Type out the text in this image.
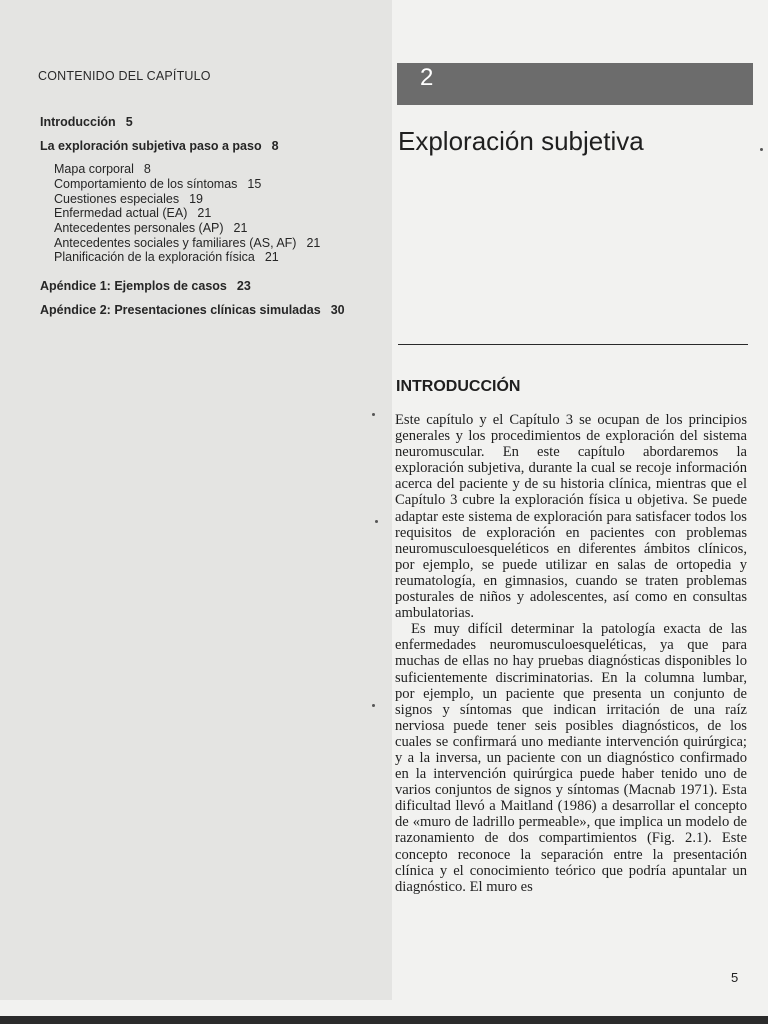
CONTENIDO DEL CAPÍTULO
Introducción 5
La exploración subjetiva paso a paso 8
Mapa corporal 8
Comportamiento de los síntomas 15
Cuestiones especiales 19
Enfermedad actual (EA) 21
Antecedentes personales (AP) 21
Antecedentes sociales y familiares (AS, AF) 21
Planificación de la exploración física 21
Apéndice 1: Ejemplos de casos 23
Apéndice 2: Presentaciones clínicas simuladas 30
2
Exploración subjetiva
INTRODUCCIÓN

Este capítulo y el Capítulo 3 se ocupan de los principios generales y los procedimientos de exploración del sistema neuromuscular. En este capítulo abordaremos la exploración subjetiva, durante la cual se recoje información acerca del paciente y de su historia clínica, mientras que el Capítulo 3 cubre la exploración física u objetiva. Se puede adaptar este sistema de exploración para satisfacer todos los requisitos de exploración en pacientes con problemas neuromusculoesqueléticos en diferentes ámbitos clínicos, por ejemplo, se puede utilizar en salas de ortopedia y reumatología, en gimnasios, cuando se traten problemas posturales de niños y adolescentes, así como en consultas ambulatorias.

Es muy difícil determinar la patología exacta de las enfermedades neuromusculoesqueléticas, ya que para muchas de ellas no hay pruebas diagnósticas disponibles lo suficientemente discriminatorias. En la columna lumbar, por ejemplo, un paciente que presenta un conjunto de signos y síntomas que indican irritación de una raíz nerviosa puede tener seis posibles diagnósticos, de los cuales se confirmará uno mediante intervención quirúrgica; y a la inversa, un paciente con un diagnóstico confirmado en la intervención quirúrgica puede haber tenido uno de varios conjuntos de signos y síntomas (Macnab 1971). Esta dificultad llevó a Maitland (1986) a desarrollar el concepto de «muro de ladrillo permeable», que implica un modelo de razonamiento de dos compartimientos (Fig. 2.1). Este concepto reconoce la separación entre la presentación clínica y el conocimiento teórico que podría apuntalar un diagnóstico. El muro es

5
